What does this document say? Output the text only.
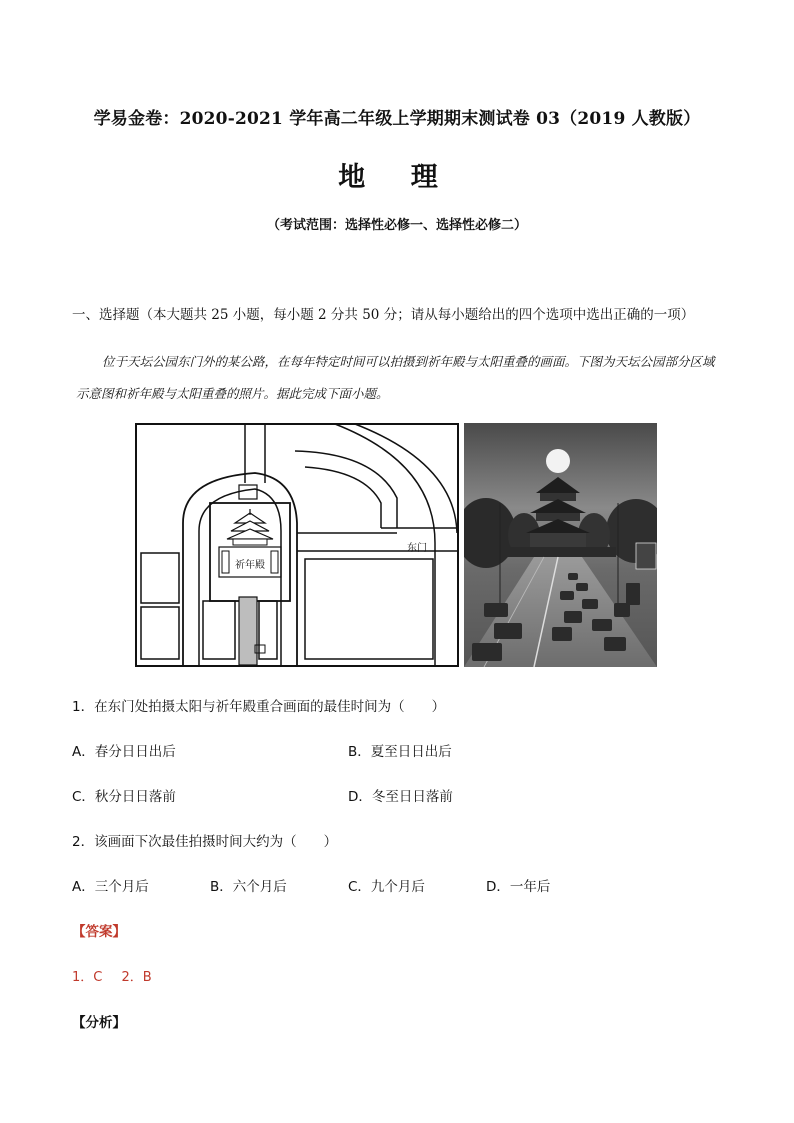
学易金卷：2020-2021 学年高二年级上学期期末测试卷 03（2019 人教版）
地 理
（考试范围：选择性必修一、选择性必修二）
一、选择题（本大题共 25 小题，每小题 2 分共 50 分；请从每小题给出的四个选项中选出正确的一项）
位于天坛公园东门外的某公路，在每年特定时间可以拍摄到祈年殿与太阳重叠的画面。下图为天坛公园部分区域示意图和祈年殿与太阳重叠的照片。据此完成下面小题。
祈年殿
东门
1．在东门处拍摄太阳与祈年殿重合画面的最佳时间为（　　）
A．春分日日出后	B．夏至日日出后
C．秋分日日落前	D．冬至日日落前
2．该画面下次最佳拍摄时间大约为（　　）
A．三个月后	B．六个月后	C．九个月后	D．一年后
【答案】
1．C　 2．B
【分析】
